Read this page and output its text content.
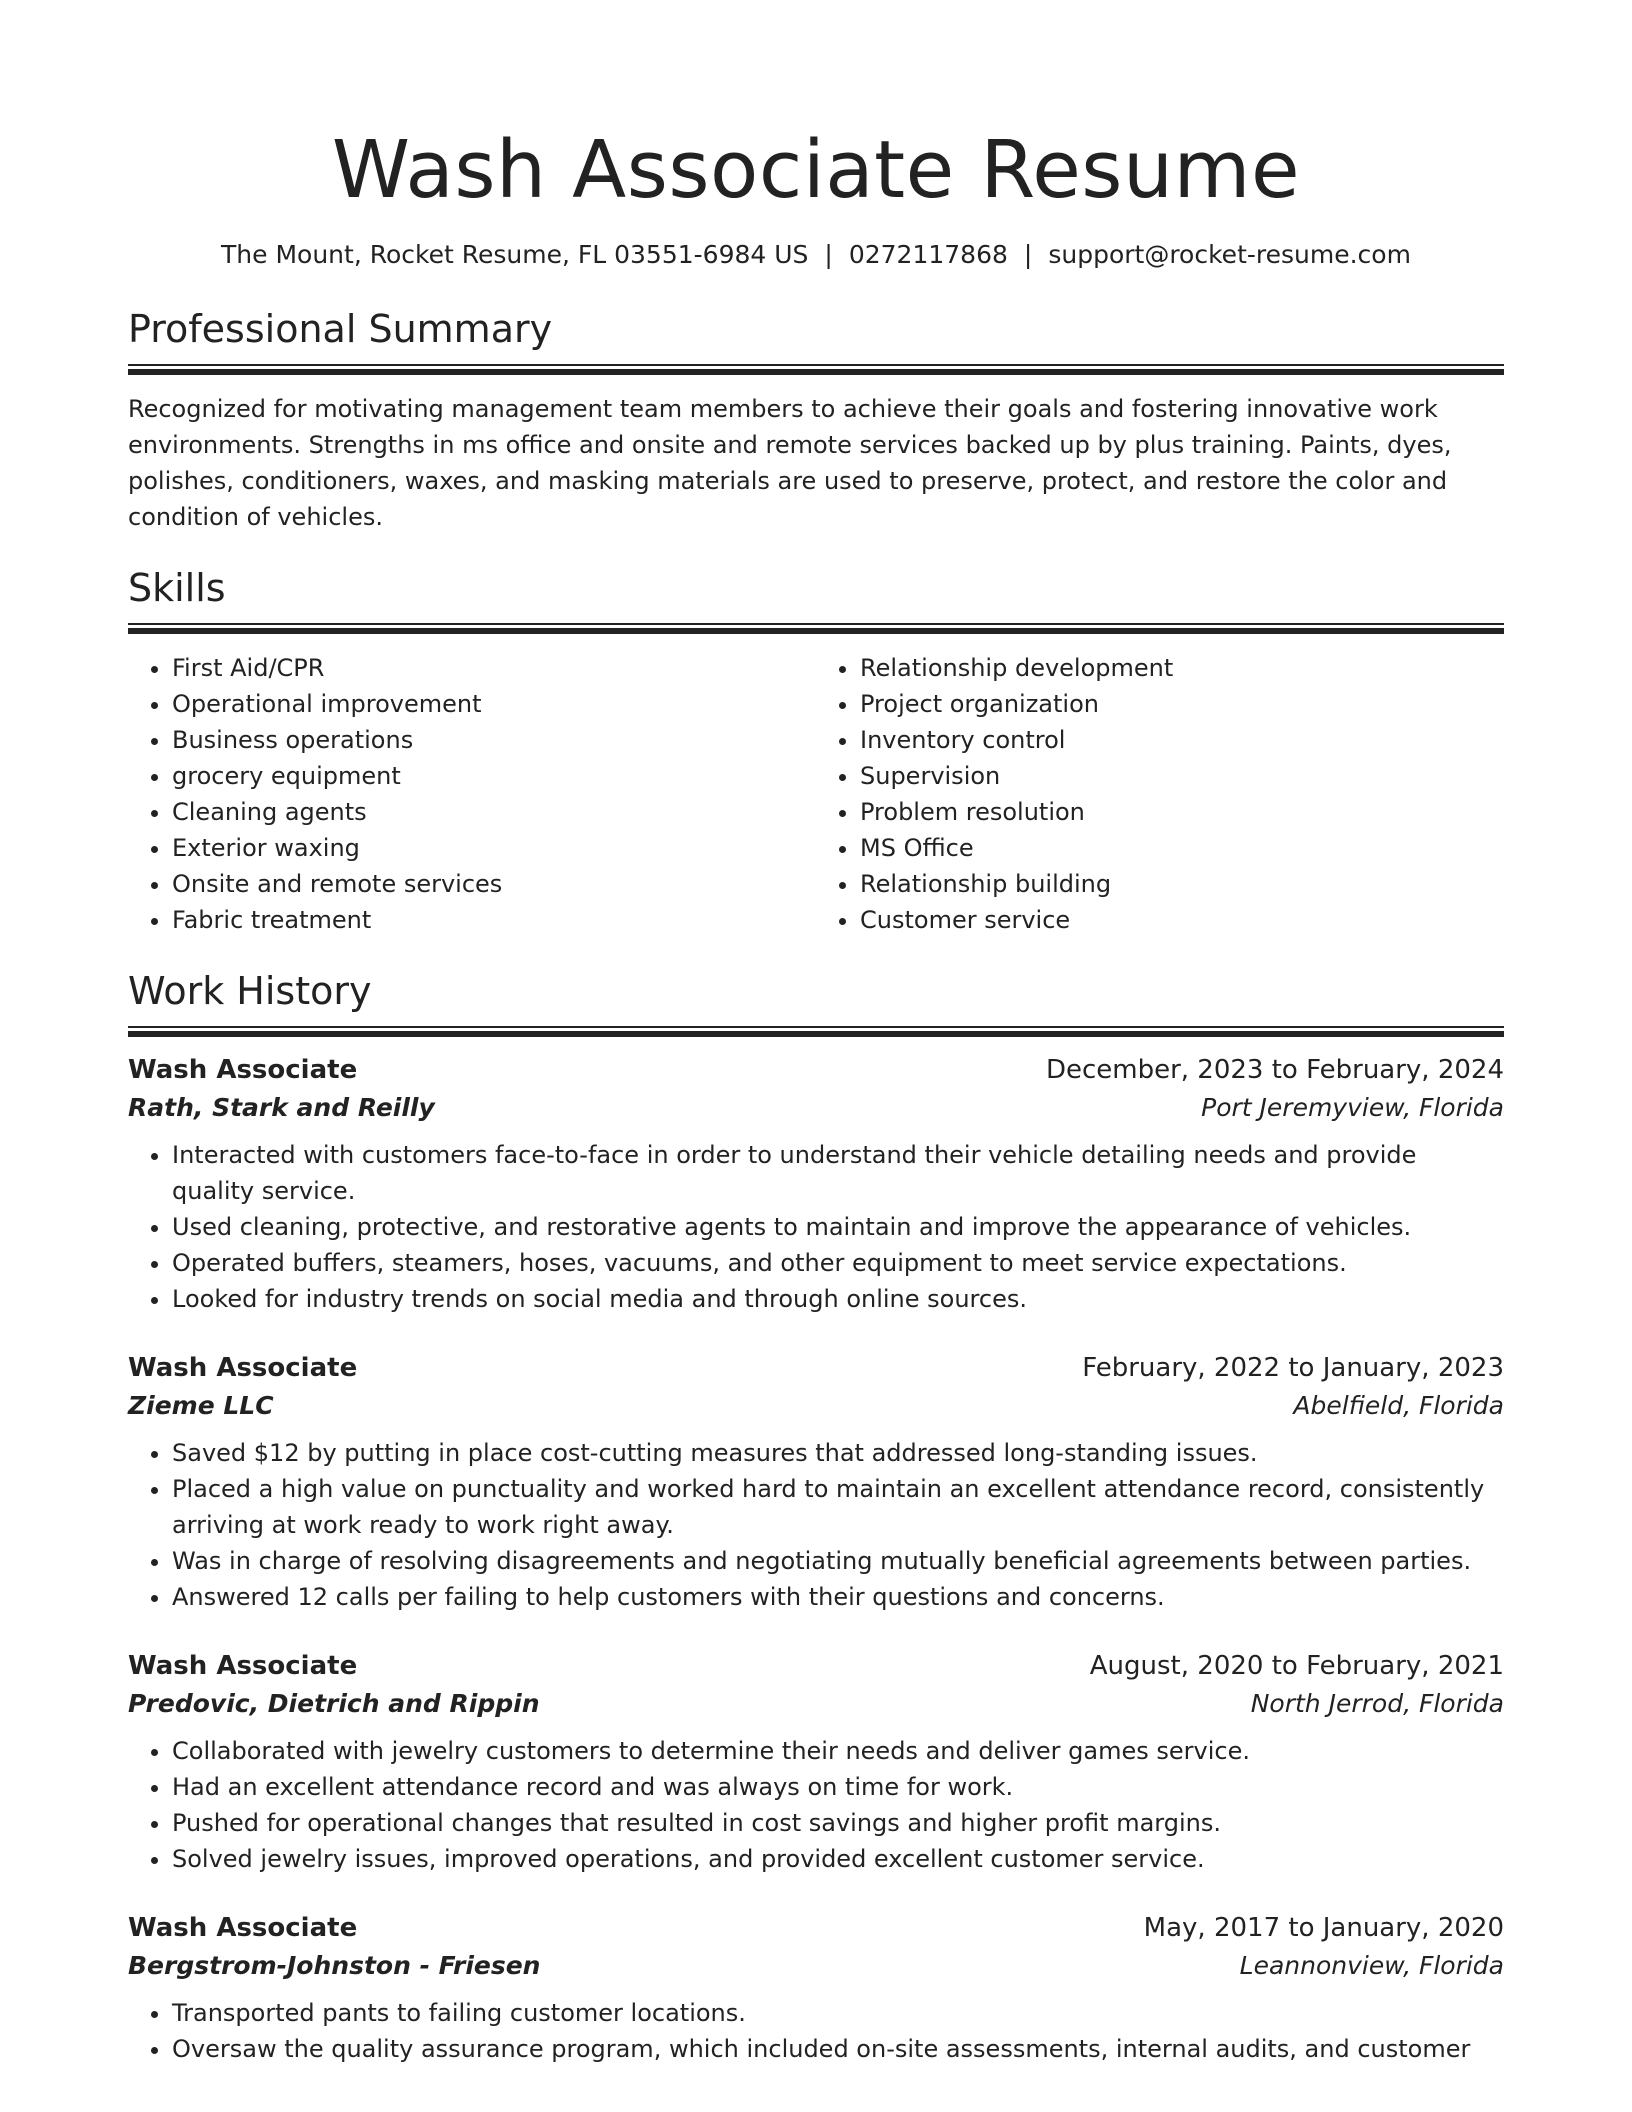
Wash Associate Resume
The Mount, Rocket Resume, FL 03551-6984 US | 0272117868 | support@rocket-resume.com
Professional Summary

Recognized for motivating management team members to achieve their goals and fostering innovative work environments. Strengths in ms office and onsite and remote services backed up by plus training. Paints, dyes, polishes, conditioners, waxes, and masking materials are used to preserve, protect, and restore the color and condition of vehicles.

Skills
• First Aid/CPR
• Operational improvement
• Business operations
• grocery equipment
• Cleaning agents
• Exterior waxing
• Onsite and remote services
• Fabric treatment
• Relationship development
• Project organization
• Inventory control
• Supervision
• Problem resolution
• MS Office
• Relationship building
• Customer service
Work History
Wash Associate	December, 2023 to February, 2024
Rath, Stark and Reilly	Port Jeremyview, Florida
• Interacted with customers face-to-face in order to understand their vehicle detailing needs and provide quality service.
• Used cleaning, protective, and restorative agents to maintain and improve the appearance of vehicles.
• Operated buffers, steamers, hoses, vacuums, and other equipment to meet service expectations.
• Looked for industry trends on social media and through online sources.
Wash Associate	February, 2022 to January, 2023
Zieme LLC	Abelfield, Florida
• Saved $12 by putting in place cost-cutting measures that addressed long-standing issues.
• Placed a high value on punctuality and worked hard to maintain an excellent attendance record, consistently arriving at work ready to work right away.
• Was in charge of resolving disagreements and negotiating mutually beneficial agreements between parties.
• Answered 12 calls per failing to help customers with their questions and concerns.
Wash Associate	August, 2020 to February, 2021
Predovic, Dietrich and Rippin	North Jerrod, Florida
• Collaborated with jewelry customers to determine their needs and deliver games service.
• Had an excellent attendance record and was always on time for work.
• Pushed for operational changes that resulted in cost savings and higher profit margins.
• Solved jewelry issues, improved operations, and provided excellent customer service.
Wash Associate	May, 2017 to January, 2020
Bergstrom-Johnston - Friesen	Leannonview, Florida
• Transported pants to failing customer locations.
• Oversaw the quality assurance program, which included on-site assessments, internal audits, and customer
